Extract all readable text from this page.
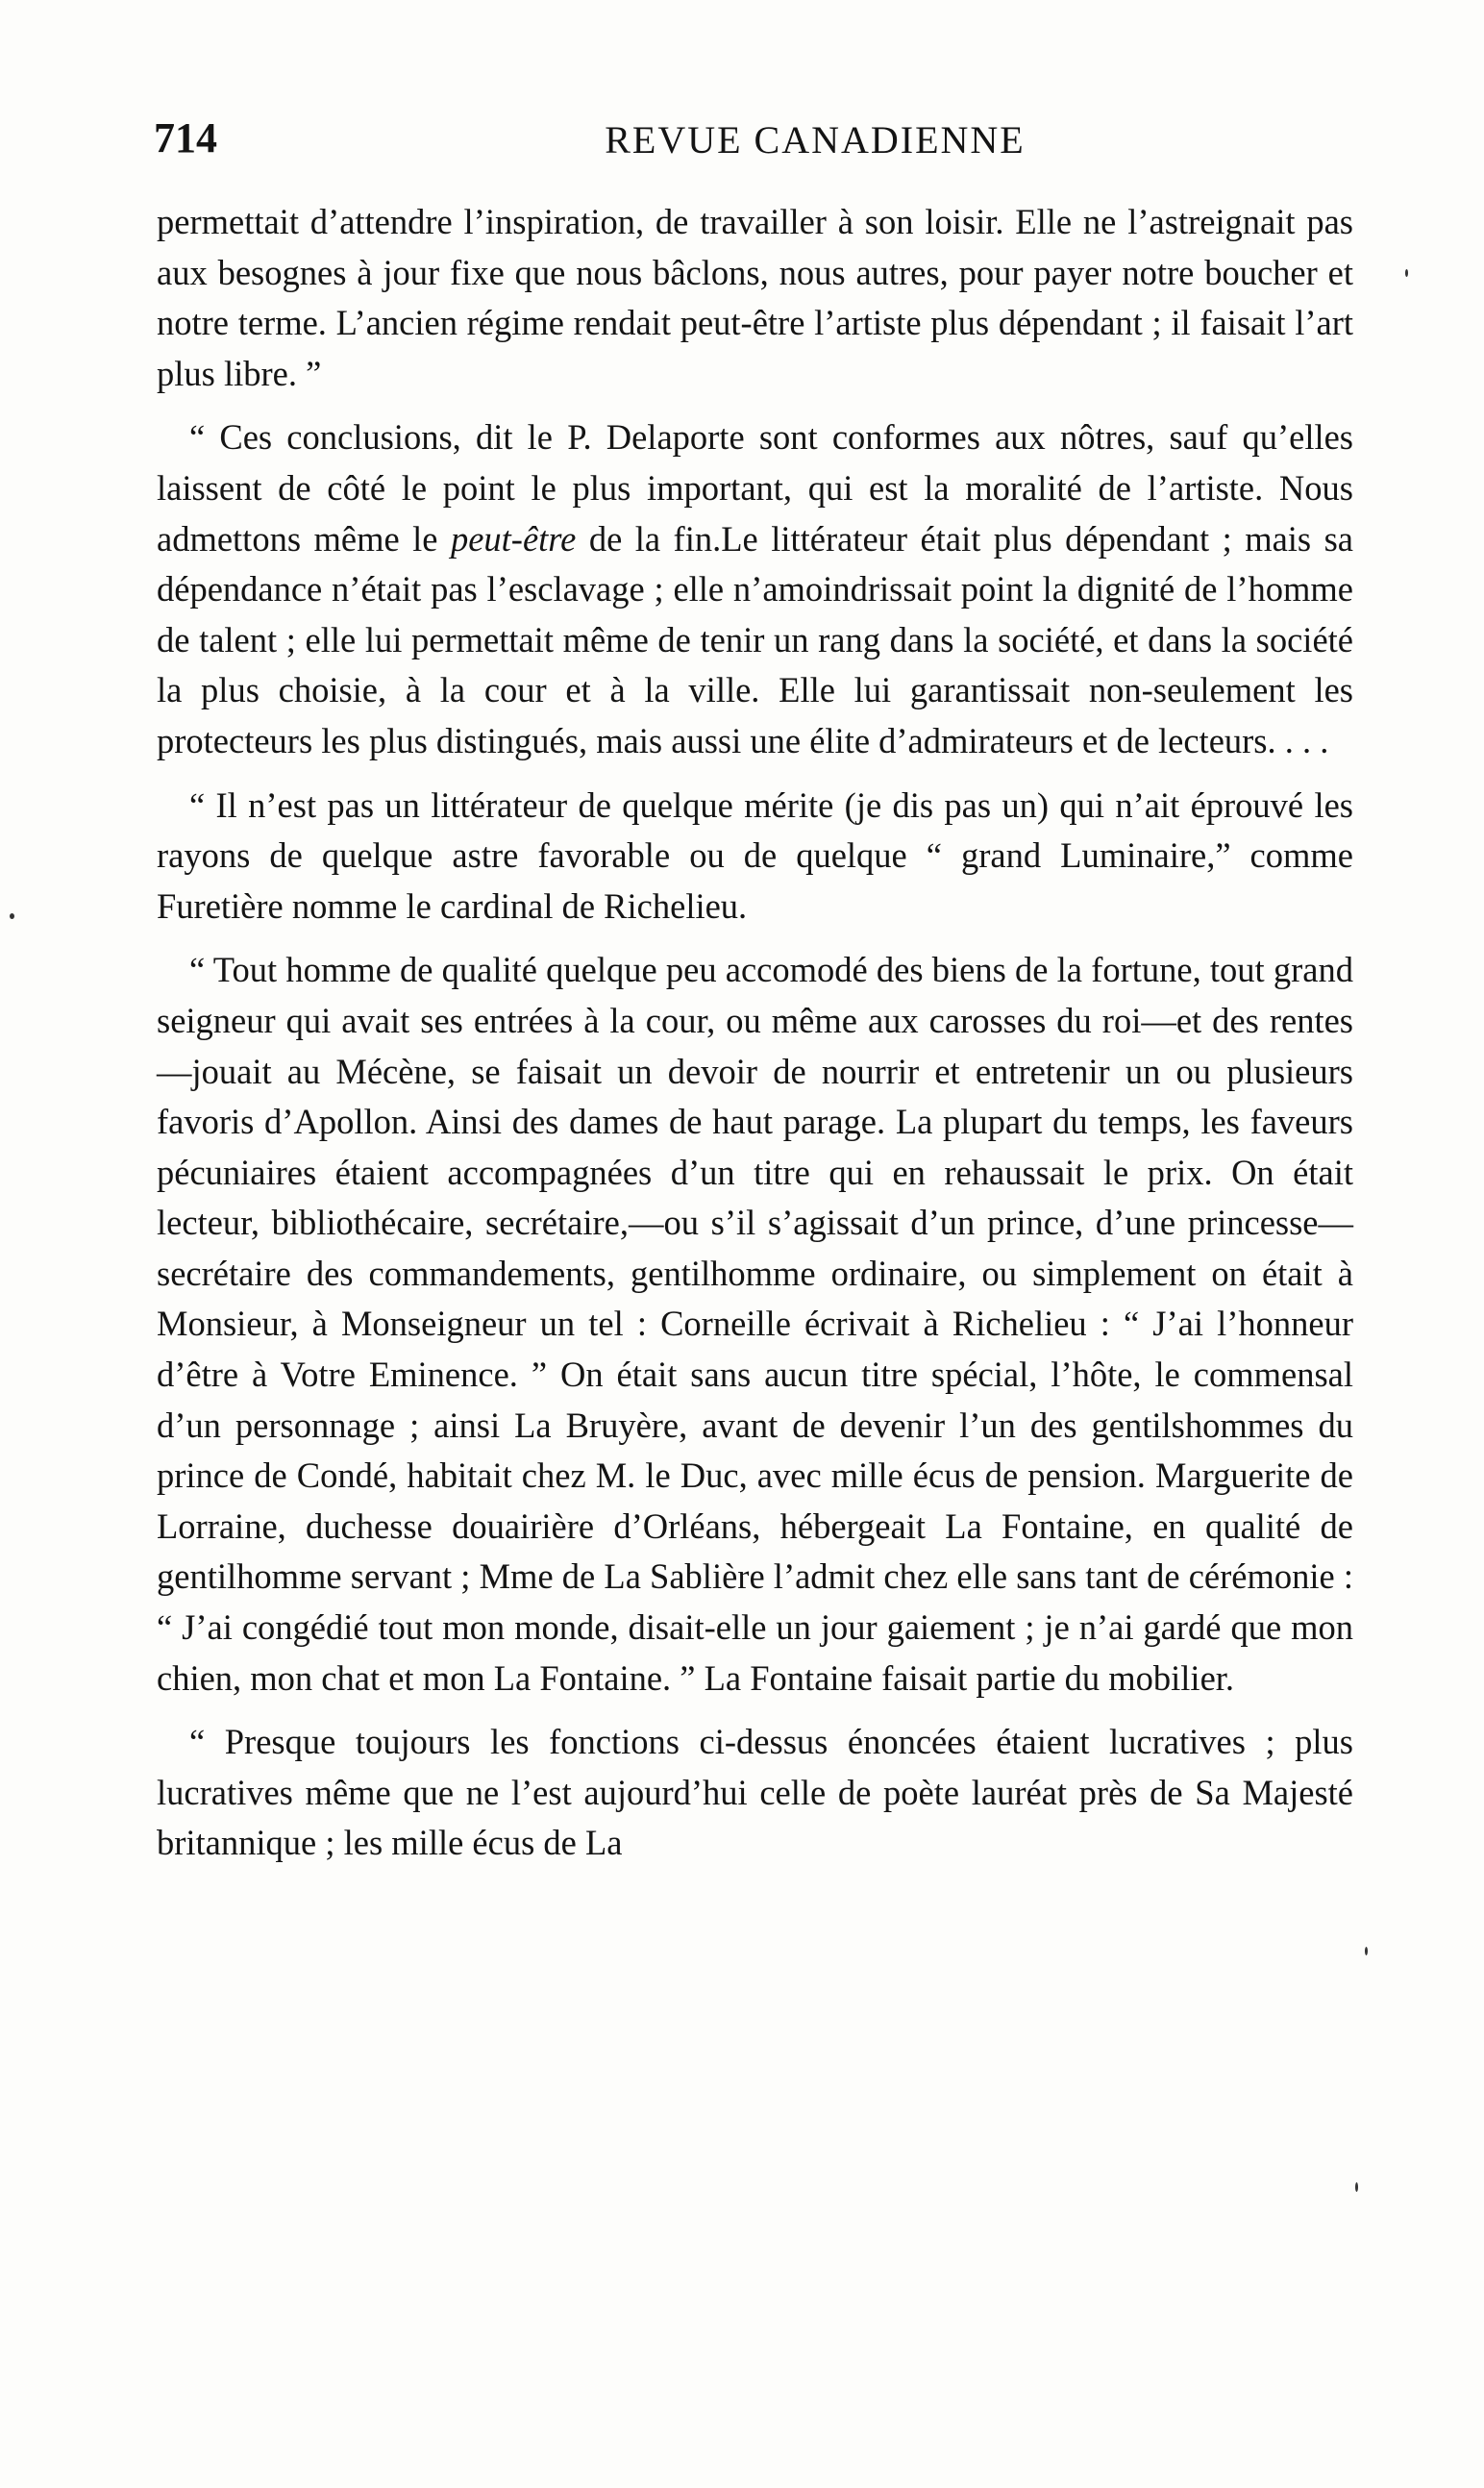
714	REVUE CANADIENNE

permettait d’attendre l’inspiration, de travailler à son loisir. Elle ne l’astreignait pas aux besognes à jour fixe que nous bâclons, nous autres, pour payer notre boucher et notre terme. L’ancien régime rendait peut-être l’artiste plus dépendant ; il faisait l’art plus libre. ”

“ Ces conclusions, dit le P. Delaporte sont conformes aux nôtres, sauf qu’elles laissent de côté le point le plus important, qui est la moralité de l’artiste. Nous admettons même le peut-être de la fin.Le littérateur était plus dépendant ; mais sa dépendance n’était pas l’esclavage ; elle n’amoindrissait point la dignité de l’homme de talent ; elle lui permettait même de tenir un rang dans la société, et dans la société la plus choisie, à la cour et à la ville. Elle lui garantissait non-seulement les protecteurs les plus distingués, mais aussi une élite d’admirateurs et de lecteurs. . . .

“ Il n’est pas un littérateur de quelque mérite (je dis pas un) qui n’ait éprouvé les rayons de quelque astre favorable ou de quelque “ grand Luminaire,” comme Furetière nomme le cardinal de Richelieu.

“ Tout homme de qualité quelque peu accomodé des biens de la fortune, tout grand seigneur qui avait ses entrées à la cour, ou même aux carosses du roi—et des rentes—jouait au Mécène, se faisait un devoir de nourrir et entretenir un ou plusieurs favoris d’Apollon. Ainsi des dames de haut parage. La plupart du temps, les faveurs pécuniaires étaient accompagnées d’un titre qui en rehaussait le prix. On était lecteur, bibliothécaire, secrétaire,—ou s’il s’agissait d’un prince, d’une princesse— secrétaire des commandements, gentilhomme ordinaire, ou simplement on était à Monsieur, à Monseigneur un tel : Corneille écrivait à Richelieu : “ J’ai l’honneur d’être à Votre Eminence. ” On était sans aucun titre spécial, l’hôte, le commensal d’un personnage ; ainsi La Bruyère, avant de devenir l’un des gentilshommes du prince de Condé, habitait chez M. le Duc, avec mille écus de pension. Marguerite de Lorraine, duchesse douairière d’Orléans, hébergeait La Fontaine, en qualité de gentilhomme servant ; Mme de La Sablière l’admit chez elle sans tant de cérémonie : “ J’ai congédié tout mon monde, disait-elle un jour gaiement ; je n’ai gardé que mon chien, mon chat et mon La Fontaine. ” La Fontaine faisait partie du mobilier.

“ Presque toujours les fonctions ci-dessus énoncées étaient lucratives ; plus lucratives même que ne l’est aujourd’hui celle de poète lauréat près de Sa Majesté britannique ; les mille écus de La
